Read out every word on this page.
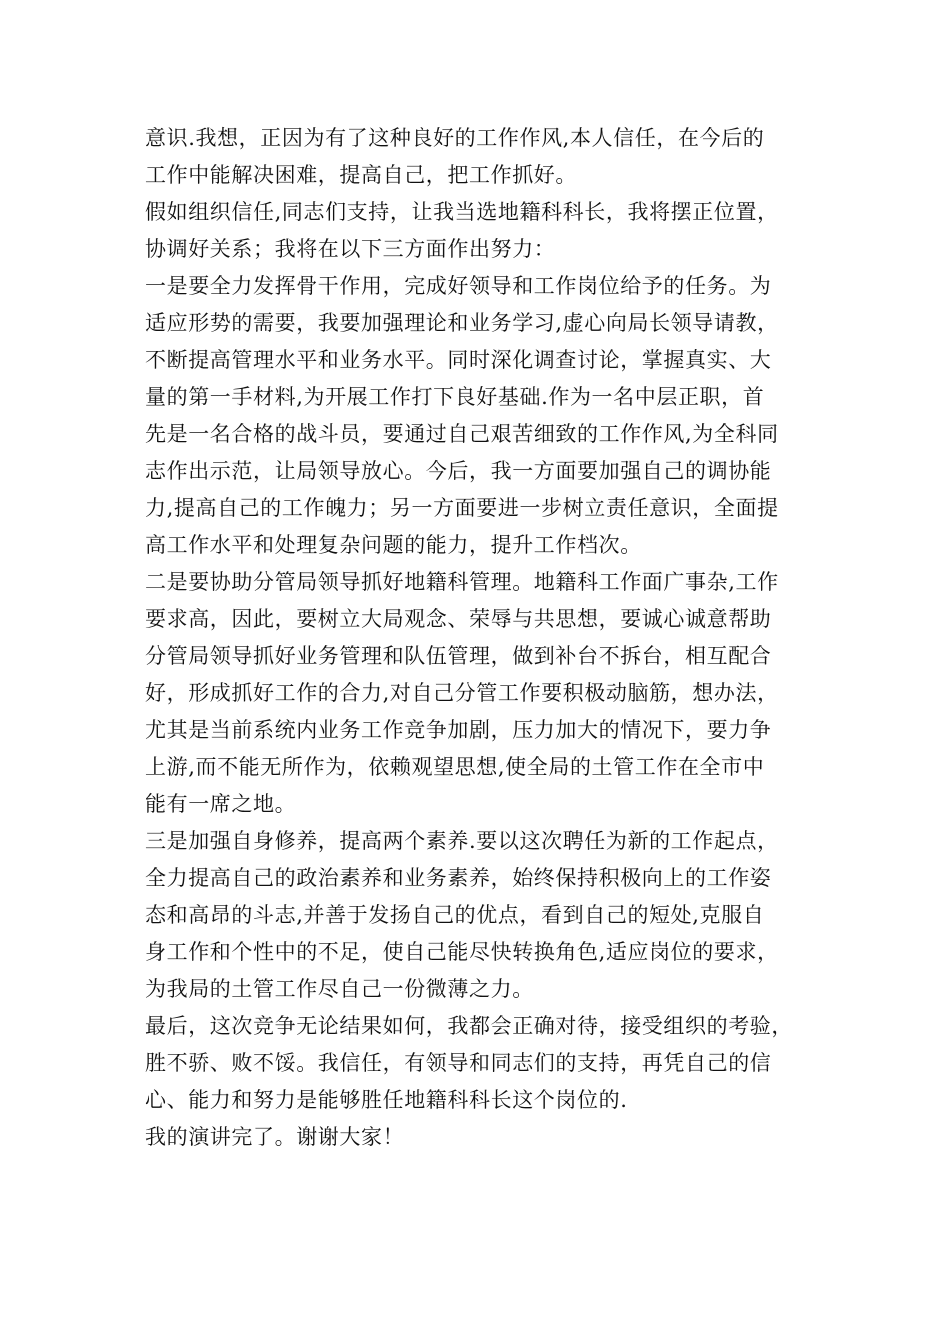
意识.我想，正因为有了这种良好的工作作风,本人信任，在今后的
工作中能解决困难，提高自己，把工作抓好。
假如组织信任,同志们支持，让我当选地籍科科长，我将摆正位置，
协调好关系；我将在以下三方面作出努力：
一是要全力发挥骨干作用，完成好领导和工作岗位给予的任务。为
适应形势的需要，我要加强理论和业务学习,虚心向局长领导请教，
不断提高管理水平和业务水平。同时深化调查讨论，掌握真实、大
量的第一手材料,为开展工作打下良好基础.作为一名中层正职，首
先是一名合格的战斗员，要通过自己艰苦细致的工作作风,为全科同
志作出示范，让局领导放心。今后，我一方面要加强自己的调协能
力,提高自己的工作魄力；另一方面要进一步树立责任意识，全面提
高工作水平和处理复杂问题的能力，提升工作档次。
二是要协助分管局领导抓好地籍科管理。地籍科工作面广事杂,工作
要求高，因此，要树立大局观念、荣辱与共思想，要诚心诚意帮助
分管局领导抓好业务管理和队伍管理，做到补台不拆台，相互配合
好，形成抓好工作的合力,对自己分管工作要积极动脑筋，想办法，
尤其是当前系统内业务工作竞争加剧，压力加大的情况下，要力争
上游,而不能无所作为，依赖观望思想,使全局的土管工作在全市中
能有一席之地。
三是加强自身修养，提高两个素养.要以这次聘任为新的工作起点，
全力提高自己的政治素养和业务素养，始终保持积极向上的工作姿
态和高昂的斗志,并善于发扬自己的优点，看到自己的短处,克服自
身工作和个性中的不足，使自己能尽快转换角色,适应岗位的要求，
为我局的土管工作尽自己一份微薄之力。
最后，这次竞争无论结果如何，我都会正确对待，接受组织的考验，
胜不骄、败不馁。我信任，有领导和同志们的支持，再凭自己的信
心、能力和努力是能够胜任地籍科科长这个岗位的.
我的演讲完了。谢谢大家！
